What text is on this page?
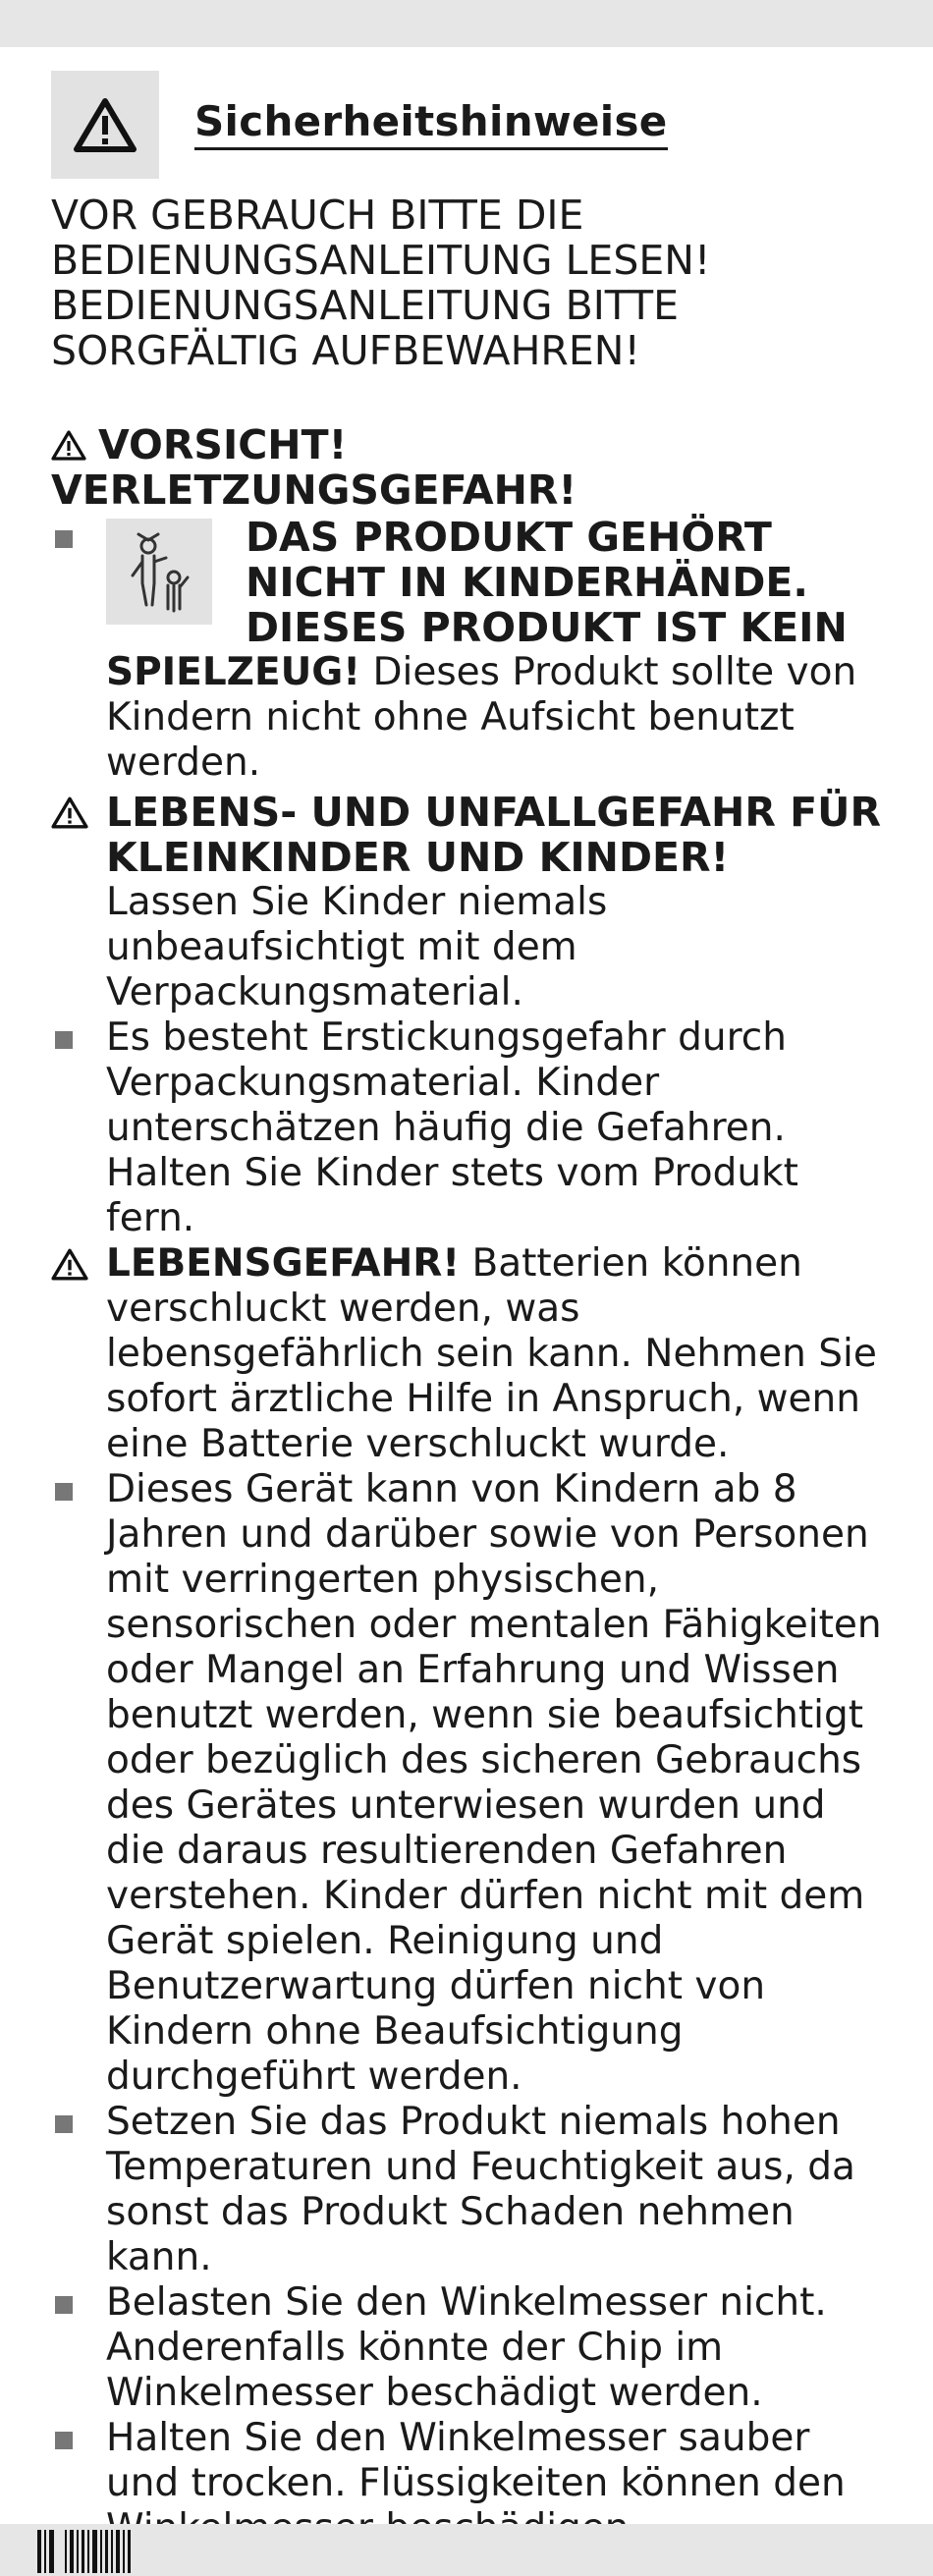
Sicherheitshinweise
VOR GEBRAUCH BITTE DIE
BEDIENUNGSANLEITUNG LESEN!
BEDIENUNGSANLEITUNG BITTE
SORGFÄLTIG AUFBEWAHREN!
VORSICHT!
VERLETZUNGSGEFAHR!
DAS PRODUKT GEHÖRT
NICHT IN KINDERHÄNDE.
DIESES PRODUKT IST KEIN
SPIELZEUG! Dieses Produkt sollte von Kindern nicht ohne Aufsicht benutzt werden.
LEBENS- UND UNFALLGEFAHR FÜR KLEINKINDER UND KINDER!
Lassen Sie Kinder niemals unbeaufsichtigt mit dem Verpackungsmaterial.
Es besteht Erstickungsgefahr durch Verpackungsmaterial. Kinder unterschätzen häufig die Gefahren. Halten Sie Kinder stets vom Produkt fern.
LEBENSGEFAHR! Batterien können verschluckt werden, was lebensgefährlich sein kann. Nehmen Sie sofort ärztliche Hilfe in Anspruch, wenn eine Batterie verschluckt wurde.
Dieses Gerät kann von Kindern ab 8 Jahren und darüber sowie von Personen mit verringerten physischen, sensorischen oder mentalen Fähigkeiten oder Mangel an Erfahrung und Wissen benutzt werden, wenn sie beaufsichtigt oder bezüglich des sicheren Gebrauchs des Gerätes unterwiesen wurden und die daraus resultierenden Gefahren verstehen. Kinder dürfen nicht mit dem Gerät spielen. Reinigung und Benutzerwartung dürfen nicht von Kindern ohne Beaufsichtigung durchgeführt werden.
Setzen Sie das Produkt niemals hohen Temperaturen und Feuchtigkeit aus, da sonst das Produkt Schaden nehmen kann.
Belasten Sie den Winkelmesser nicht. Anderenfalls könnte der Chip im Winkelmesser beschädigt werden.
Halten Sie den Winkelmesser sauber und trocken. Flüssigkeiten können den
